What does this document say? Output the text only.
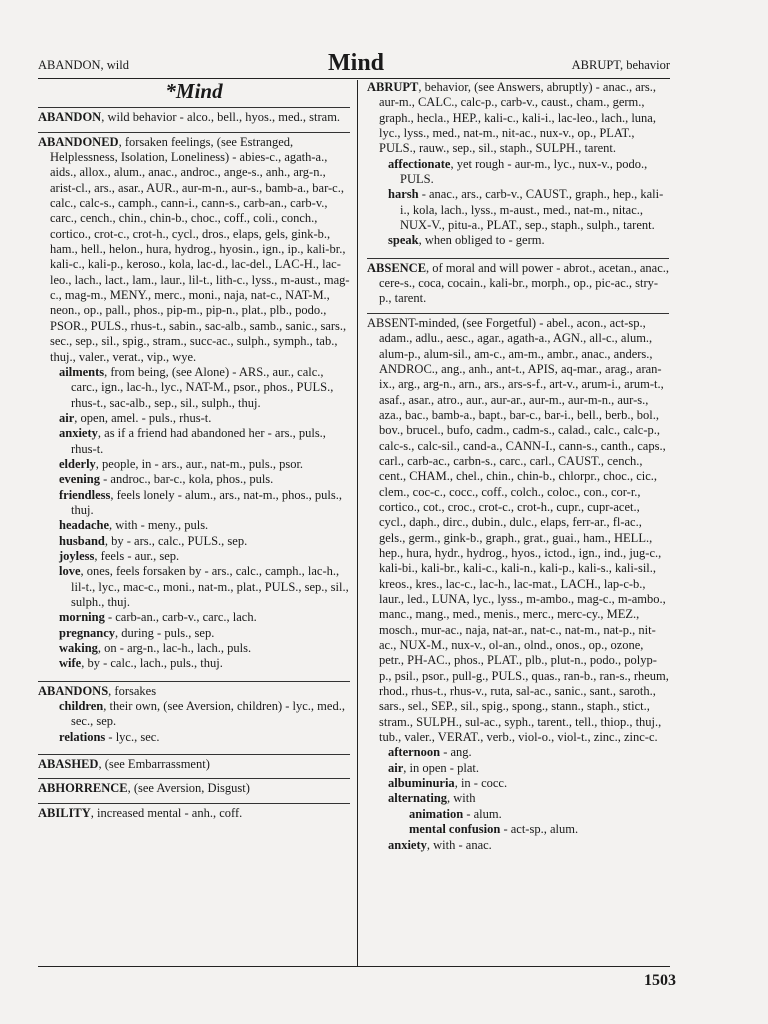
ABANDON, wild	Mind	ABRUPT, behavior
*Mind
ABANDON, wild behavior - alco., bell., hyos., med., stram.
ABANDONED, forsaken feelings, (see Estranged, Helplessness, Isolation, Loneliness) - abies-c., agath-a., aids., allox., alum., anac., androc., ange-s., anh., arg-n., arist-cl., ars., asar., AUR., aur-m-n., aur-s., bamb-a., bar-c., calc., calc-s., camph., cann-i., cann-s., carb-an., carb-v., carc., cench., chin., chin-b., choc., coff., coli., conch., cortico., crot-c., crot-h., cycl., dros., elaps, gels, gink-b., ham., hell., helon., hura, hydrog., hyosin., ign., ip., kali-br., kali-c., kali-p., keroso., kola, lac-d., lac-del., LAC-H., lac-leo., lach., lact., lam., laur., lil-t., lith-c., lyss., m-aust., mag-c., mag-m., MENY., merc., moni., naja, nat-c., NAT-M., neon., op., pall., phos., pip-m., pip-n., plat., plb., podo., PSOR., PULS., rhus-t., sabin., sac-alb., samb., sanic., sars., sec., sep., sil., spig., stram., succ-ac., sulph., symph., tab., thuj., valer., verat., vip., wye.
ailments, from being, (see Alone) - ARS., aur., calc., carc., ign., lac-h., lyc., NAT-M., psor., phos., PULS., rhus-t., sac-alb., sep., sil., sulph., thuj.
air, open, amel. - puls., rhus-t.
anxiety, as if a friend had abandoned her - ars., puls., rhus-t.
elderly, people, in - ars., aur., nat-m., puls., psor.
evening - androc., bar-c., kola, phos., puls.
friendless, feels lonely - alum., ars., nat-m., phos., puls., thuj.
headache, with - meny., puls.
husband, by - ars., calc., PULS., sep.
joyless, feels - aur., sep.
love, ones, feels forsaken by - ars., calc., camph., lac-h., lil-t., lyc., mac-c., moni., nat-m., plat., PULS., sep., sil., sulph., thuj.
morning - carb-an., carb-v., carc., lach.
pregnancy, during - puls., sep.
waking, on - arg-n., lac-h., lach., puls.
wife, by - calc., lach., puls., thuj.
ABANDONS, forsakes
children, their own, (see Aversion, children) - lyc., med., sec., sep.
relations - lyc., sec.
ABASHED, (see Embarrassment)
ABHORRENCE, (see Aversion, Disgust)
ABILITY, increased mental - anh., coff.
ABRUPT, behavior, (see Answers, abruptly) - anac., ars., aur-m., CALC., calc-p., carb-v., caust., cham., germ., graph., hecla., HEP., kali-c., kali-i., lac-leo., lach., luna, lyc., lyss., med., nat-m., nit-ac., nux-v., op., PLAT., PULS., rauw., sep., sil., staph., SULPH., tarent.
affectionate, yet rough - aur-m., lyc., nux-v., podo., PULS.
harsh - anac., ars., carb-v., CAUST., graph., hep., kali-i., kola, lach., lyss., m-aust., med., nat-m., nitac., NUX-V., pitu-a., PLAT., sep., staph., sulph., tarent.
speak, when obliged to - germ.
ABSENCE, of moral and will power - abrot., acetan., anac., cere-s., coca, cocain., kali-br., morph., op., pic-ac., stry-p., tarent.
ABSENT-minded, (see Forgetful) - abel., acon., act-sp., adam., adlu., aesc., agar., agath-a., AGN., all-c., alum., alum-p., alum-sil., am-c., am-m., ambr., anac., anders., ANDROC., ang., anh., ant-t., APIS, aq-mar., arag., aran-ix., arg., arg-n., arn., ars., ars-s-f., art-v., arum-i., arum-t., asaf., asar., atro., aur., aur-ar., aur-m., aur-m-n., aur-s., aza., bac., bamb-a., bapt., bar-c., bar-i., bell., berb., bol., bov., brucel., bufo, cadm., cadm-s., calad., calc., calc-p., calc-s., calc-sil., cand-a., CANN-I., cann-s., canth., caps., carl., carb-ac., carbn-s., carc., carl., CAUST., cench., cent., CHAM., chel., chin., chin-b., chlorpr., choc., cic., clem., coc-c., cocc., coff., colch., coloc., con., cor-r., cortico., cot., croc., crot-c., crot-h., cupr., cupr-acet., cycl., daph., dirc., dubin., dulc., elaps, ferr-ar., fl-ac., gels., germ., gink-b., graph., grat., guai., ham., HELL., hep., hura, hydr., hydrog., hyos., ictod., ign., ind., jug-c., kali-bi., kali-br., kali-c., kali-n., kali-p., kali-s., kali-sil., kreos., kres., lac-c., lac-h., lac-mat., LACH., lap-c-b., laur., led., LUNA, lyc., lyss., m-ambo., mag-c., m-ambo., manc., mang., med., menis., merc., merc-cy., MEZ., mosch., mur-ac., naja, nat-ar., nat-c., nat-m., nat-p., nit-ac., NUX-M., nux-v., ol-an., olnd., onos., op., ozone, petr., PH-AC., phos., PLAT., plb., plut-n., podo., polyp-p., psil., psor., pull-g., PULS., quas., ran-b., ran-s., rheum, rhod., rhus-t., rhus-v., ruta, sal-ac., sanic., sant., saroth., sars., sel., SEP., sil., spig., spong., stann., staph., stict., stram., SULPH., sul-ac., syph., tarent., tell., thiop., thuj., tub., valer., VERAT., verb., viol-o., viol-t., zinc., zinc-c.
afternoon - ang.
air, in open - plat.
albuminuria, in - cocc.
alternating, with
animation - alum.
mental confusion - act-sp., alum.
anxiety, with - anac.
1503
